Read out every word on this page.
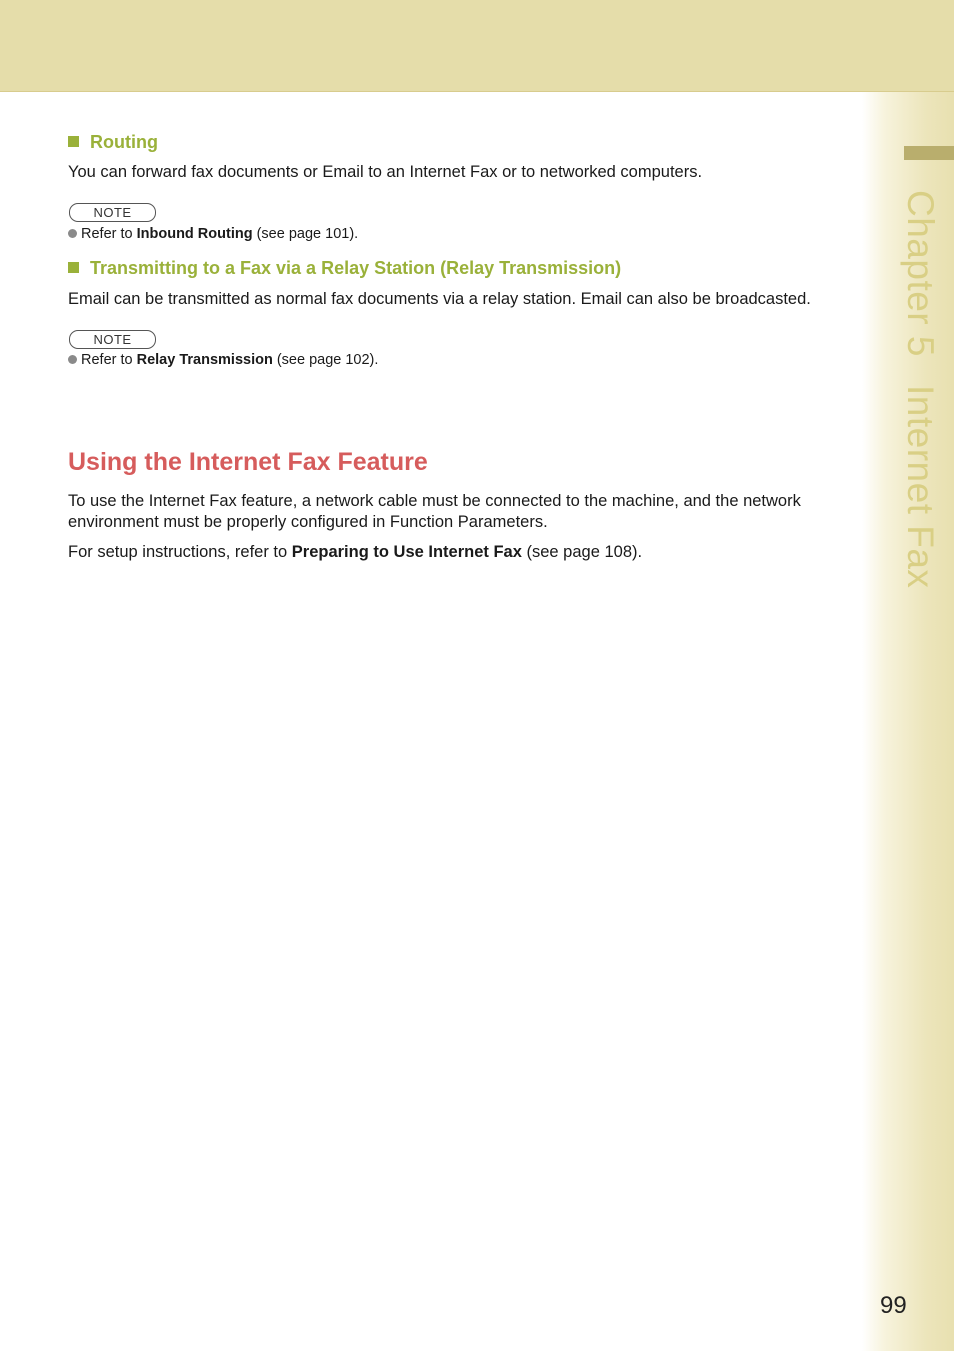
Chapter 5Internet Fax
Routing
You can forward fax documents or Email to an Internet Fax or to networked computers.
NOTE
Refer to Inbound Routing (see page 101).
Transmitting to a Fax via a Relay Station (Relay Transmission)
Email can be transmitted as normal fax documents via a relay station. Email can also be broadcasted.
NOTE
Refer to Relay Transmission (see page 102).
Using the Internet Fax Feature
To use the Internet Fax feature, a network cable must be connected to the machine, and the network environment must be properly configured in Function Parameters.
For setup instructions, refer to Preparing to Use Internet Fax (see page 108).
99
